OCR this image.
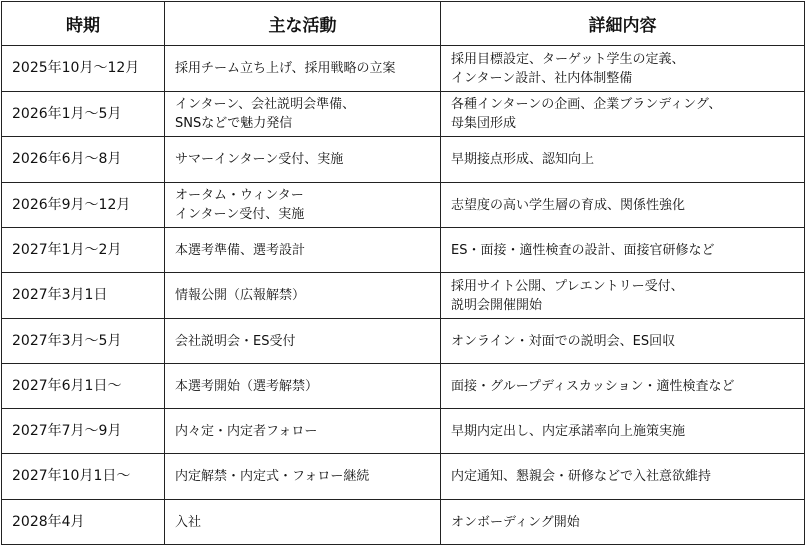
時期	主な活動	詳細内容
2025年10月～12月	採用チーム立ち上げ、採用戦略の立案	採用目標設定、ターゲット学生の定義、
インターン設計、社内体制整備

2026年1月～5月	インターン、会社説明会準備、
SNSなどで魅力発信	各種インターンの企画、企業ブランディング、
母集団形成

2026年6月～8月	サマーインターン受付、実施	早期接点形成、認知向上

2026年9月～12月	オータム・ウィンター
インターン受付、実施	志望度の高い学生層の育成、関係性強化

2027年1月～2月	本選考準備、選考設計	ES・面接・適性検査の設計、面接官研修など

2027年3月1日	情報公開（広報解禁）	採用サイト公開、プレエントリー受付、
説明会開催開始

2027年3月～5月	会社説明会・ES受付	オンライン・対面での説明会、ES回収

2027年6月1日～	本選考開始（選考解禁）	面接・グループディスカッション・適性検査など

2027年7月～9月	内々定・内定者フォロー	早期内定出し、内定承諾率向上施策実施

2027年10月1日～	内定解禁・内定式・フォロー継続	内定通知、懇親会・研修などで入社意欲維持

2028年4月	入社	オンボーディング開始
